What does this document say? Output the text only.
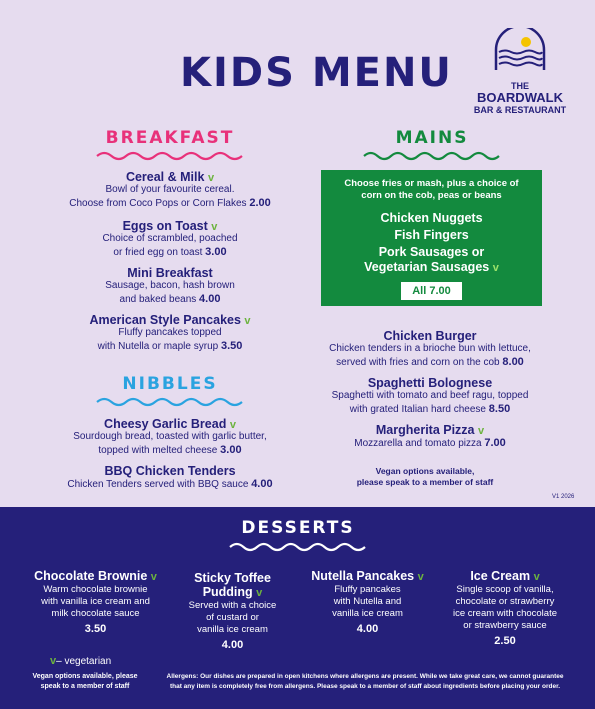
KIDS MENU	THE
BOARDWALK
BAR & RESTAURANT
BREAKFAST
Cereal & Milk v
Bowl of your favourite cereal.
Choose from Coco Pops or Corn Flakes 2.00
Eggs on Toast v
Choice of scrambled, poached
or fried egg on toast 3.00
Mini Breakfast
Sausage, bacon, hash brown
and baked beans 4.00
American Style Pancakes v
Fluffy pancakes topped
with Nutella or maple syrup 3.50
NIBBLES
Cheesy Garlic Bread v
Sourdough bread, toasted with garlic butter,
topped with melted cheese 3.00
BBQ Chicken Tenders
Chicken Tenders served with BBQ sauce 4.00
MAINS
Choose fries or mash, plus a choice of
corn on the cob, peas or beans
Chicken Nuggets
Fish Fingers
Pork Sausages or
Vegetarian Sausages v
All 7.00
Chicken Burger
Chicken tenders in a brioche bun with lettuce,
served with fries and corn on the cob 8.00
Spaghetti Bolognese
Spaghetti with tomato and beef ragu, topped
with grated Italian hard cheese 8.50
Margherita Pizza v
Mozzarella and tomato pizza 7.00
Vegan options available,
please speak to a member of staff
V1 2026
DESSERTS
Chocolate Brownie v
Warm chocolate brownie
with vanilla ice cream and
milk chocolate sauce
3.50
Sticky Toffee
Pudding v
Served with a choice
of custard or
vanilla ice cream
4.00
Nutella Pancakes v
Fluffy pancakes
with Nutella and
vanilla ice cream
4.00
Ice Cream v
Single scoop of vanilla,
chocolate or strawberry
ice cream with chocolate
or strawberry sauce
2.50
v– vegetarian
Vegan options available, please
speak to a member of staff
Allergens: Our dishes are prepared in open kitchens where allergens are present. While we take great care, we cannot guarantee
that any item is completely free from allergens. Please speak to a member of staff about ingredients before placing your order.
